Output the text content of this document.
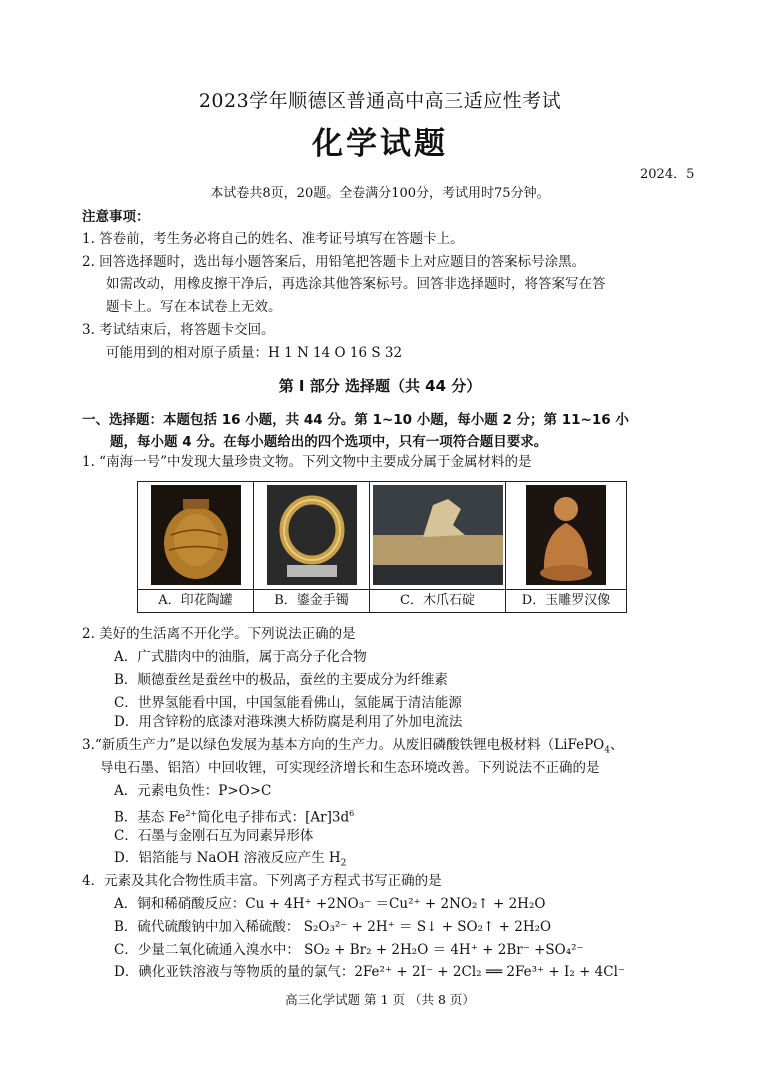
2023学年顺德区普通高中高三适应性考试
化学试题
2024．5
本试卷共8页，20题。全卷满分100分，考试用时75分钟。
注意事项：
1. 答卷前，考生务必将自己的姓名、准考证号填写在答题卡上。
2. 回答选择题时，选出每小题答案后，用铅笔把答题卡上对应题目的答案标号涂黑。
如需改动，用橡皮擦干净后，再选涂其他答案标号。回答非选择题时，将答案写在答
题卡上。写在本试卷上无效。
3. 考试结束后，将答题卡交回。
可能用到的相对原子质量：H 1 N 14 O 16 S 32
第 I 部分 选择题（共 44 分）
一、选择题：本题包括 16 小题，共 44 分。第 1~10 小题，每小题 2 分；第 11~16 小
题，每小题 4 分。在每小题给出的四个选项中，只有一项符合题目要求。
1. “南海一号”中发现大量珍贵文物。下列文物中主要成分属于金属材料的是
A．印花陶罐	B．鎏金手镯	C．木爪石碇	D．玉雕罗汉像
2. 美好的生活离不开化学。下列说法正确的是
A．广式腊肉中的油脂，属于高分子化合物
B．顺德蚕丝是蚕丝中的极品，蚕丝的主要成分为纤维素
C．世界氢能看中国，中国氢能看佛山，氢能属于清洁能源
D．用含锌粉的底漆对港珠澳大桥防腐是利用了外加电流法
3.“新质生产力”是以绿色发展为基本方向的生产力。从废旧磷酸铁锂电极材料（LiFePO$_4$、
导电石墨、铝箔）中回收锂，可实现经济增长和生态环境改善。下列说法不正确的是
A．元素电负性：P>O>C
B．基态 $Fe^{2+}$简化电子排布式：$[Ar]3d^6$
C．石墨与金刚石互为同素异形体
D．铝箔能与 NaOH 溶液反应产生 $H_2$
4．元素及其化合物性质丰富。下列离子方程式书写正确的是
A．铜和稀硝酸反应：Cu + 4H⁺ +2NO₃⁻ ＝Cu²⁺ + 2NO₂↑ + 2H₂O
B．硫代硫酸钠中加入稀硫酸： S₂O₃²⁻ + 2H⁺ ＝ S↓ + SO₂↑ + 2H₂O
C．少量二氧化硫通入溴水中： SO₂ + Br₂ + 2H₂O ＝ 4H⁺ + 2Br⁻ +SO₄²⁻
D．碘化亚铁溶液与等物质的量的氯气：2Fe²⁺ + 2I⁻ + 2Cl₂ ══ 2Fe³⁺ + I₂ + 4Cl⁻
高三化学试题 第 1 页 （共 8 页）
